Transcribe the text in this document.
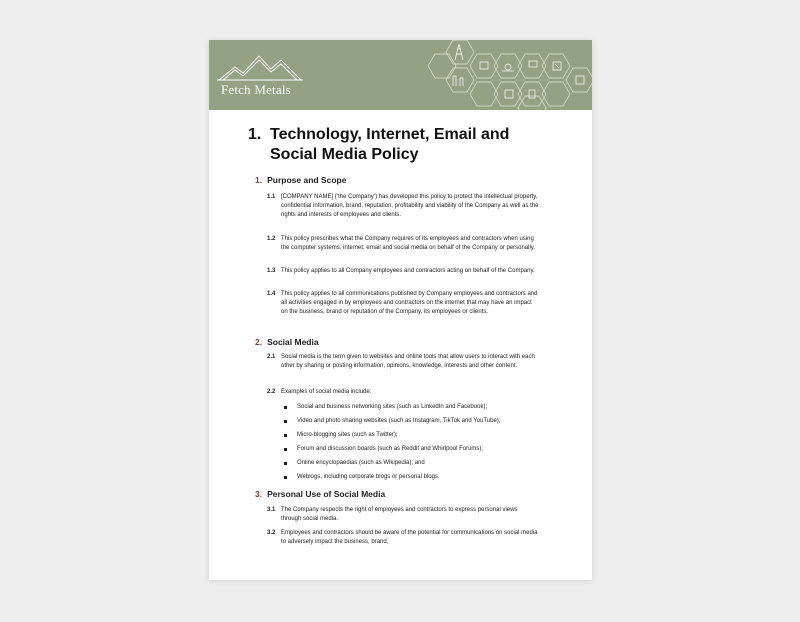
Fetch Metals
1. Technology, Internet, Email and Social Media Policy
1. Purpose and Scope
1.1 [COMPANY NAME] (‘the Company’) has developed this policy to protect the intellectual property, confidential information, brand, reputation, profitability and viability of the Company as well as the rights and interests of employees and clients.
1.2 This policy prescribes what the Company requires of its employees and contractors when using the computer systems, internet, email and social media on behalf of the Company or personally.
1.3 This policy applies to all Company employees and contractors acting on behalf of the Company.
1.4 This policy applies to all communications published by Company employees and contractors and all activities engaged in by employees and contractors on the internet that may have an impact on the business, brand or reputation of the Company, its employees or clients.
2. Social Media
2.1 Social media is the term given to websites and online tools that allow users to interact with each other by sharing or posting information, opinions, knowledge, interests and other content.
2.2 Examples of social media include:
Social and business networking sites (such as LinkedIn and Facebook);
Video and photo sharing websites (such as Instagram, TikTok and YouTube);
Micro-blogging sites (such as Twitter);
Forum and discussion boards (such as Reddit and Whirlpool Forums);
Online encyclopaedias (such as Wikipedia); and
Weblogs, including corporate blogs or personal blogs.
3. Personal Use of Social Media
3.1 The Company respects the right of employees and contractors to express personal views through social media.
3.2 Employees and contractors should be aware of the potential for communications on social media to adversely impact the business, brand,
